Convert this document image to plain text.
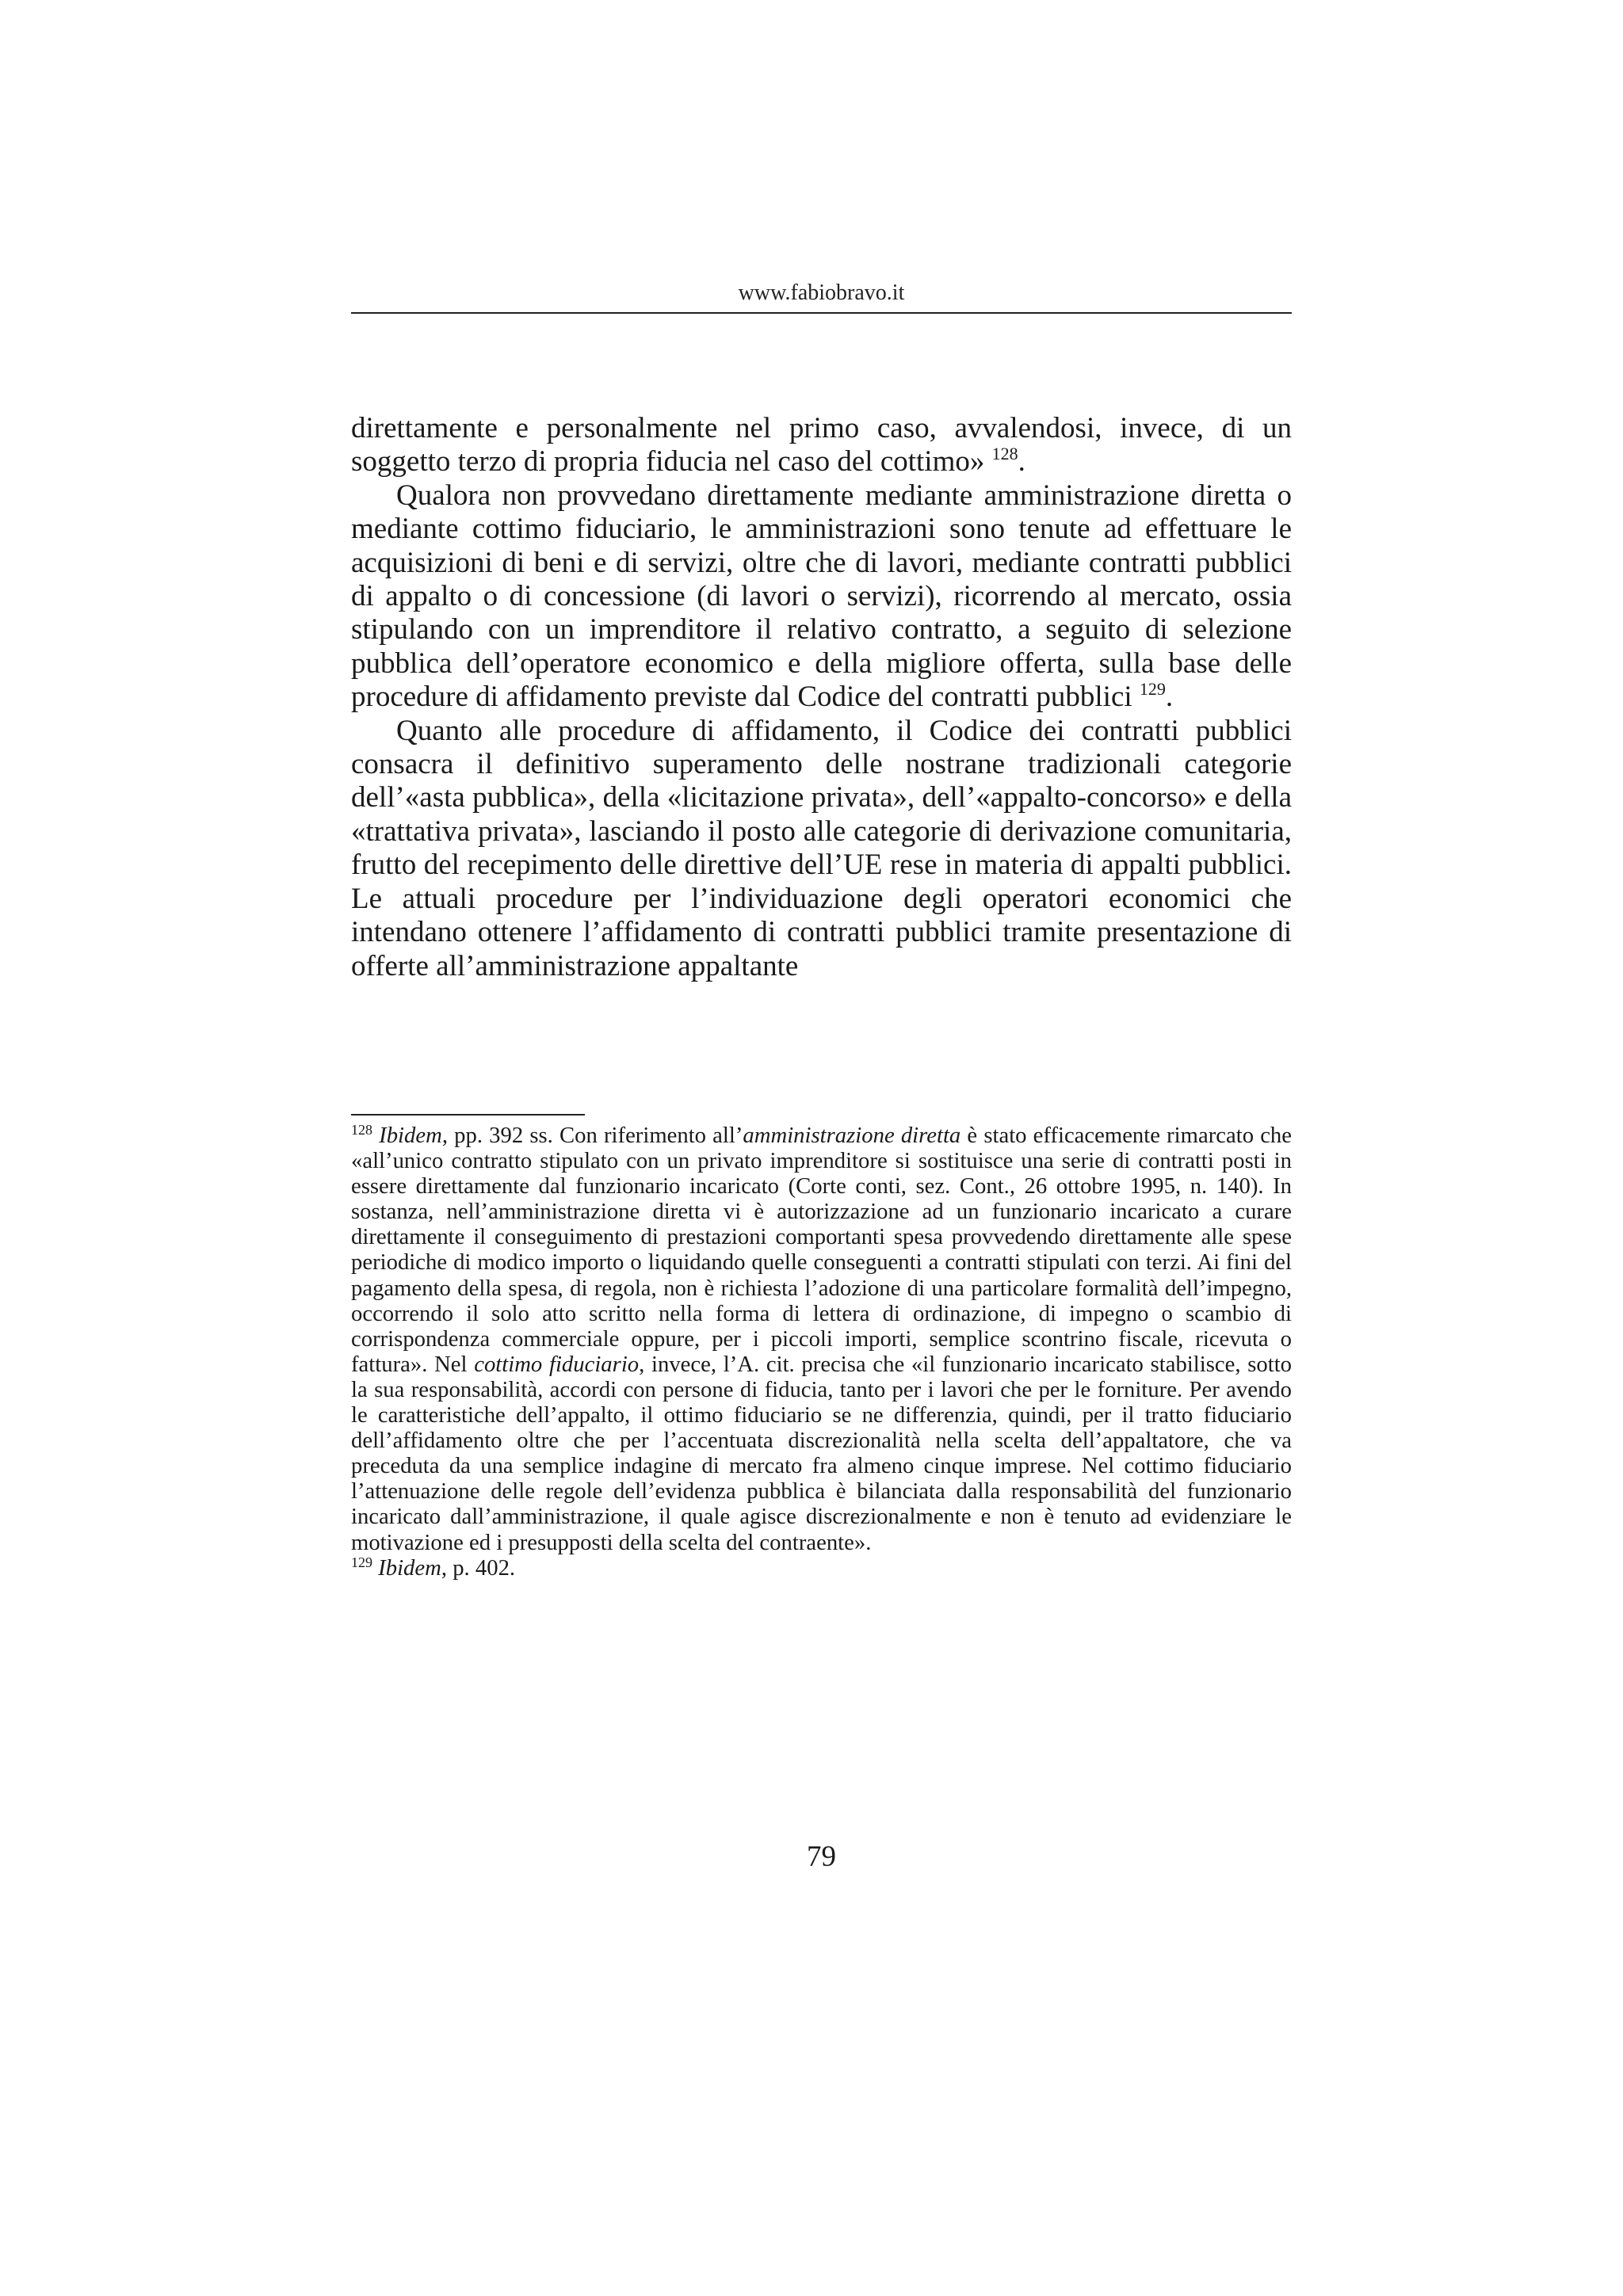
www.fabiobravo.it

direttamente e personalmente nel primo caso, avvalendosi, invece, di un soggetto terzo di propria fiducia nel caso del cottimo» $^{128}$.

Qualora non provvedano direttamente mediante amministrazione diretta o mediante cottimo fiduciario, le amministrazioni sono tenute ad effettuare le acquisizioni di beni e di servizi, oltre che di lavori, mediante contratti pubblici di appalto o di concessione (di lavori o servizi), ricorrendo al mercato, ossia stipulando con un imprenditore il relativo contratto, a seguito di selezione pubblica dell’operatore economico e della migliore offerta, sulla base delle procedure di affidamento previste dal Codice del contratti pubblici $^{129}$.

Quanto alle procedure di affidamento, il Codice dei contratti pubblici consacra il definitivo superamento delle nostrane tradizionali categorie dell’«asta pubblica», della «licitazione privata», dell’«appalto-concorso» e della «trattativa privata», lasciando il posto alle categorie di derivazione comunitaria, frutto del recepimento delle direttive dell’UE rese in materia di appalti pubblici. Le attuali procedure per l’individuazione degli operatori economici che intendano ottenere l’affidamento di contratti pubblici tramite presentazione di offerte all’amministrazione appaltante

$^{128}$ Ibidem, pp. 392 ss. Con riferimento all’amministrazione diretta è stato efficacemente rimarcato che «all’unico contratto stipulato con un privato imprenditore si sostituisce una serie di contratti posti in essere direttamente dal funzionario incaricato (Corte conti, sez. Cont., 26 ottobre 1995, n. 140). In sostanza, nell’amministrazione diretta vi è autorizzazione ad un funzionario incaricato a curare direttamente il conseguimento di prestazioni comportanti spesa provvedendo direttamente alle spese periodiche di modico importo o liquidando quelle conseguenti a contratti stipulati con terzi. Ai fini del pagamento della spesa, di regola, non è richiesta l’adozione di una particolare formalità dell’impegno, occorrendo il solo atto scritto nella forma di lettera di ordinazione, di impegno o scambio di corrispondenza commerciale oppure, per i piccoli importi, semplice scontrino fiscale, ricevuta o fattura». Nel cottimo fiduciario, invece, l’A. cit. precisa che «il funzionario incaricato stabilisce, sotto la sua responsabilità, accordi con persone di fiducia, tanto per i lavori che per le forniture. Per avendo le caratteristiche dell’appalto, il ottimo fiduciario se ne differenzia, quindi, per il tratto fiduciario dell’affidamento oltre che per l’accentuata discrezionalità nella scelta dell’appaltatore, che va preceduta da una semplice indagine di mercato fra almeno cinque imprese. Nel cottimo fiduciario l’attenuazione delle regole dell’evidenza pubblica è bilanciata dalla responsabilità del funzionario incaricato dall’amministrazione, il quale agisce discrezionalmente e non è tenuto ad evidenziare le motivazione ed i presupposti della scelta del contraente».

$^{129}$ Ibidem, p. 402.

79
